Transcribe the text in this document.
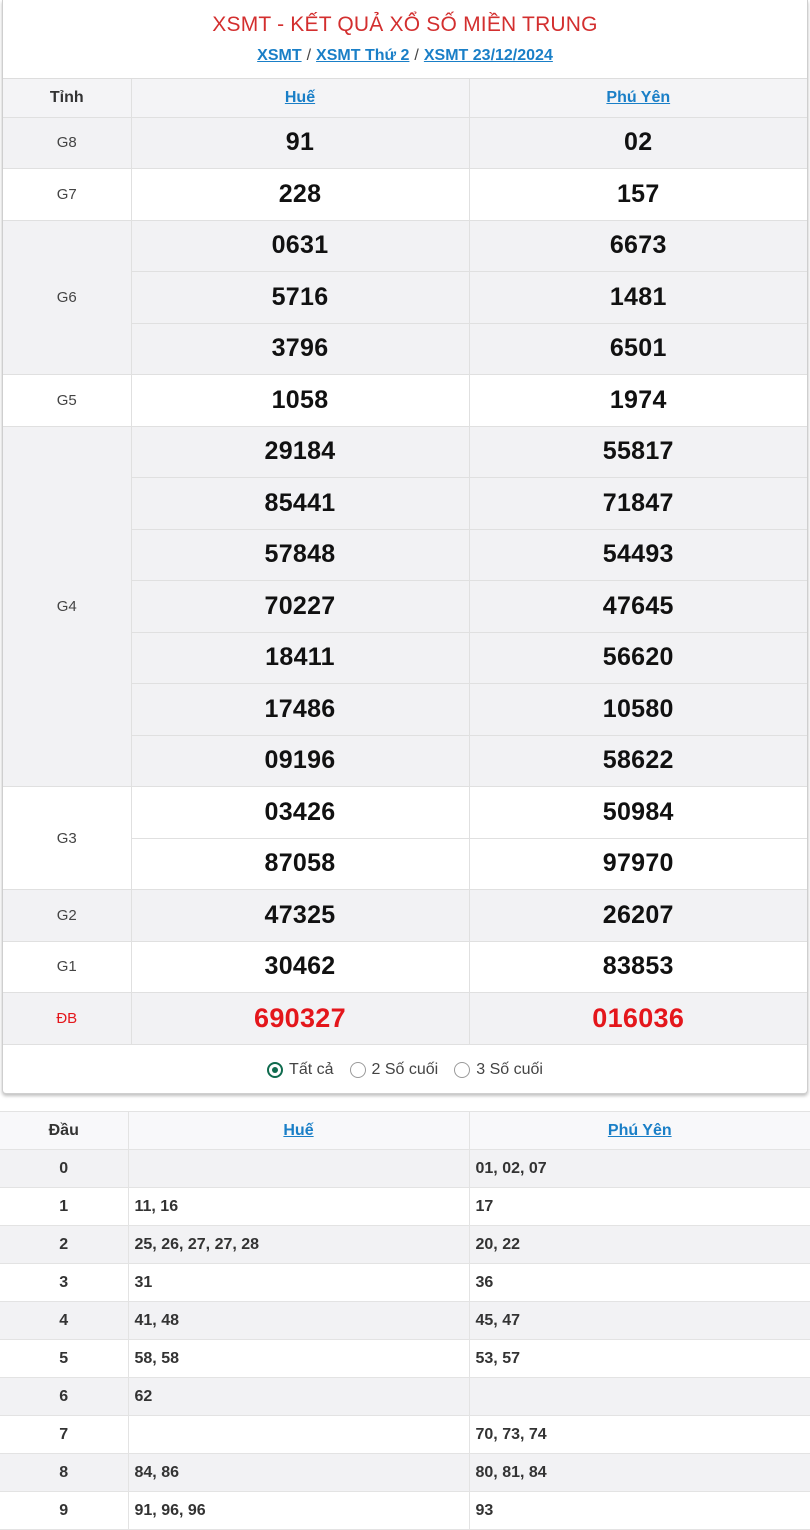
XSMT - KẾT QUẢ XỔ SỐ MIỀN TRUNG
XSMT / XSMT Thứ 2 / XSMT 23/12/2024
Tỉnh	Huế	Phú Yên
G8	91	02
G7	228	157
G6	0631	6673
	5716	1481
	3796	6501
G5	1058	1974
G4	29184	55817
	85441	71847
	57848	54493
	70227	47645
	18411	56620
	17486	10580
	09196	58622
G3	03426	50984
	87058	97970
G2	47325	26207
G1	30462	83853
ĐB	690327	016036
Tất cả 2 Số cuối 3 Số cuối
Đầu	Huế	Phú Yên
0		01, 02, 07
1	11, 16	17
2	25, 26, 27, 27, 28	20, 22
3	31	36
4	41, 48	45, 47
5	58, 58	53, 57
6	62	
7		70, 73, 74
8	84, 86	80, 81, 84
9	91, 96, 96	93
